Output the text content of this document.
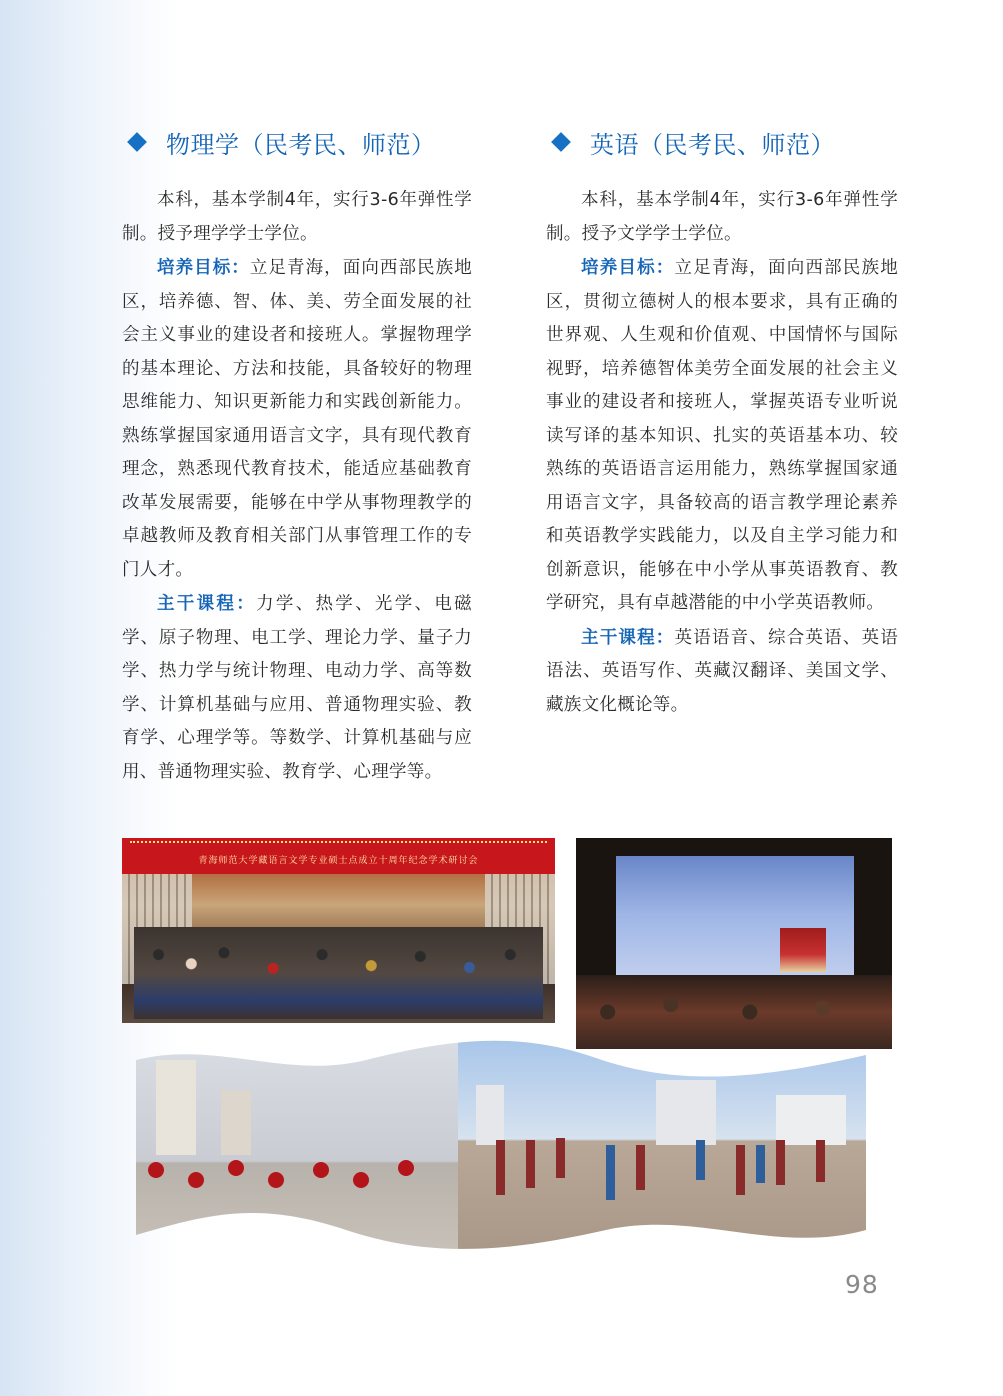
物理学（民考民、师范）

本科，基本学制4年，实行3-6年弹性学制。授予理学学士学位。

培养目标：立足青海，面向西部民族地区，培养德、智、体、美、劳全面发展的社会主义事业的建设者和接班人。掌握物理学的基本理论、方法和技能，具备较好的物理思维能力、知识更新能力和实践创新能力。熟练掌握国家通用语言文字，具有现代教育理念，熟悉现代教育技术，能适应基础教育改革发展需要，能够在中学从事物理教学的卓越教师及教育相关部门从事管理工作的专门人才。

主干课程：力学、热学、光学、电磁学、原子物理、电工学、理论力学、量子力学、热力学与统计物理、电动力学、高等数学、计算机基础与应用、普通物理实验、教育学、心理学等。等数学、计算机基础与应用、普通物理实验、教育学、心理学等。

英语（民考民、师范）

本科，基本学制4年，实行3-6年弹性学制。授予文学学士学位。

培养目标：立足青海，面向西部民族地区，贯彻立德树人的根本要求，具有正确的世界观、人生观和价值观、中国情怀与国际视野，培养德智体美劳全面发展的社会主义事业的建设者和接班人，掌握英语专业听说读写译的基本知识、扎实的英语基本功、较熟练的英语语言运用能力，熟练掌握国家通用语言文字，具备较高的语言教学理论素养和英语教学实践能力，以及自主学习能力和创新意识，能够在中小学从事英语教育、教学研究，具有卓越潜能的中小学英语教师。

主干课程：英语语音、综合英语、英语语法、英语写作、英藏汉翻译、美国文学、藏族文化概论等。

青海师范大学藏语言文学专业硕士点成立十周年纪念学术研讨会
98
